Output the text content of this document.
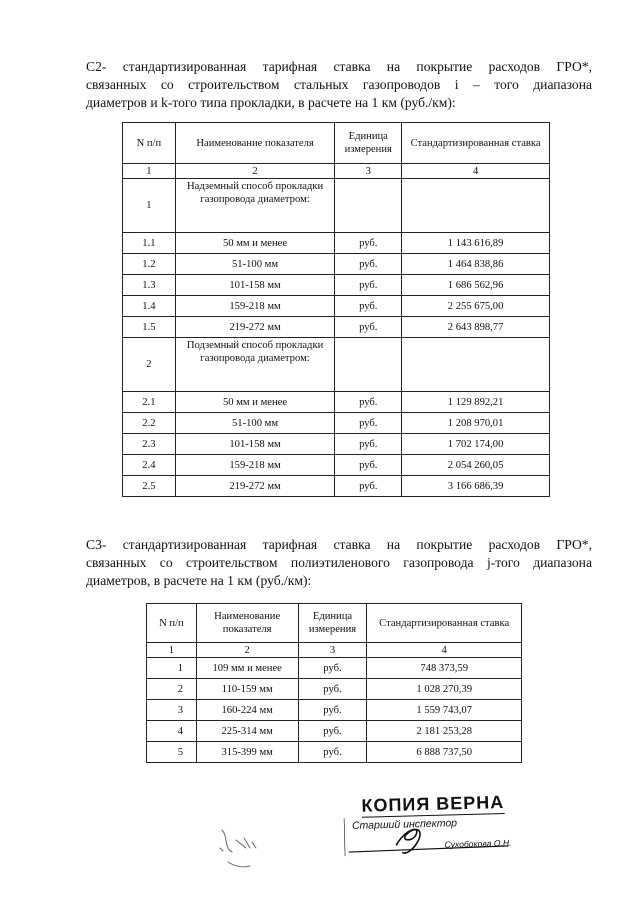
С2- стандартизированная тарифная ставка на покрытие расходов ГРО*,
связанных со строительством стальных газопроводов i – того диапазона
диаметров и k-того типа прокладки, в расчете на 1 км (руб./км):

N п/п	Наименование показателя	Единица измерения	Стандартизированная ставка
1	2	3	4
1	Надземный способ прокладки газопровода диаметром:		
1.1	50 мм и менее	руб.	1 143 616,89
1.2	51-100 мм	руб.	1 464 838,86
1.3	101-158 мм	руб.	1 686 562,96
1.4	159-218 мм	руб.	2 255 675,00
1.5	219-272 мм	руб.	2 643 898,77
2	Подземный способ прокладки газопровода диаметром:		
2.1	50 мм и менее	руб.	1 129 892,21
2.2	51-100 мм	руб.	1 208 970,01
2.3	101-158 мм	руб.	1 702 174,00
2.4	159-218 мм	руб.	2 054 260,05
2.5	219-272 мм	руб.	3 166 686,39

С3- стандартизированная тарифная ставка на покрытие расходов ГРО*,
связанных со строительством полиэтиленового газопровода j-того диапазона
диаметров, в расчете на 1 км (руб./км):

N п/п	Наименование показателя	Единица измерения	Стандартизированная ставка
1	2	3	4
1	109 мм и менее	руб.	748 373,59
2	110-159 мм	руб.	1 028 270,39
3	160-224 мм	руб.	1 559 743,07
4	225-314 мм	руб.	2 181 253,28
5	315-399 мм	руб.	6 888 737,50
КОПИЯ ВЕРНА
Старший инспектор
Сухобокова О.Н.
